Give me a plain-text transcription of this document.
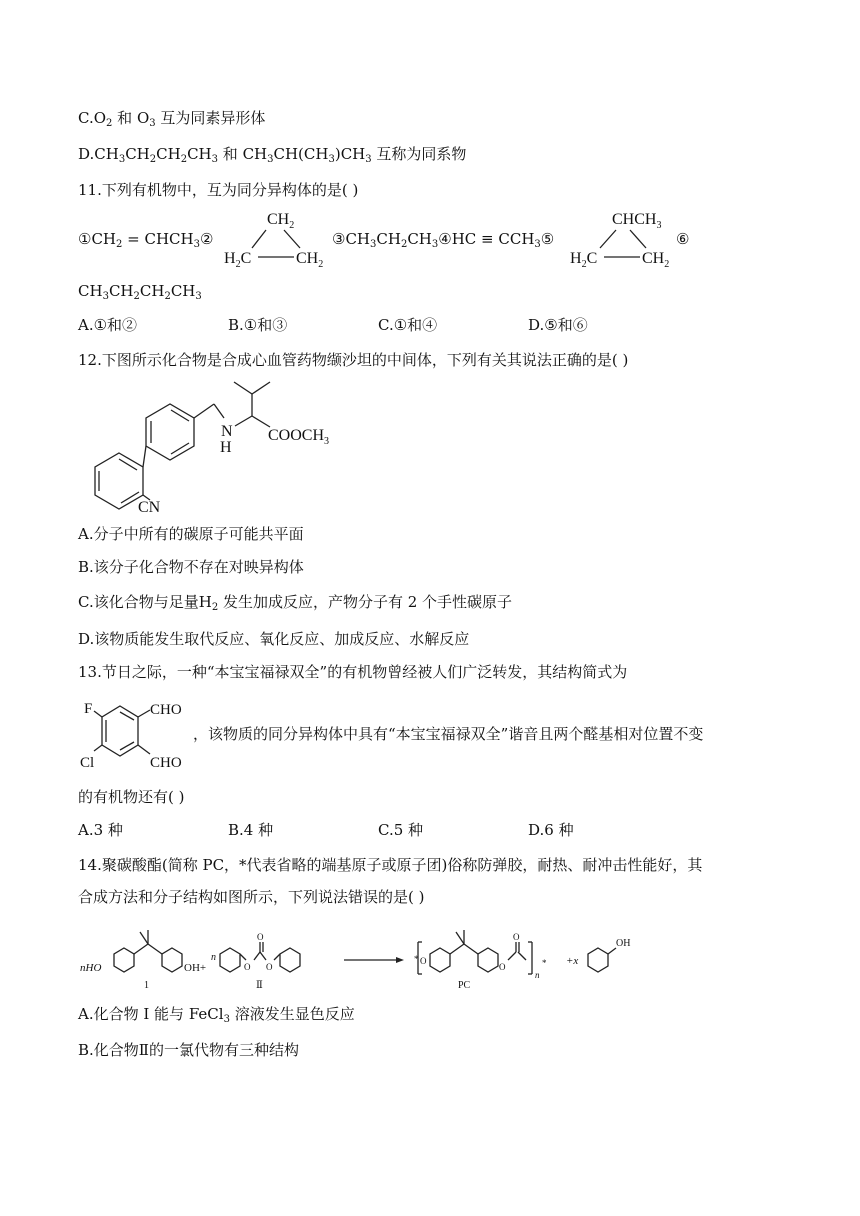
$C.O_2$ 和 $O_3$ 互为同素异形体
$D.CH_3CH_2CH_2CH_3$ 和 $CH_3CH(CH_3)CH_3$ 互称为同系物
11.下列有机物中，互为同分异构体的是( )
$①CH_2$ = $CHCH_3②$
$CH_2$
$H_2C$	$CH_2$
$③CH_3CH_2CH_3④HC$ ≡ $CCH_3⑤$
$CHCH_3$
$H_2C$	$CH_2$
⑥
$CH_3CH_2CH_2CH_3$
A.①和②	B.①和③	C.①和④	D.⑤和⑥
12.下图所示化合物是合成心血管药物缬沙坦的中间体，下列有关其说法正确的是( )
N
H
$COOCH_3$
CN
A.分子中所有的碳原子可能共平面
B.该分子化合物不存在对映异构体
C.该化合物与足量$H_2$ 发生加成反应，产物分子有 2 个手性碳原子
D.该物质能发生取代反应、氧化反应、加成反应、水解反应
13.节日之际，一种“本宝宝福禄双全”的有机物曾经被人们广泛转发，其结构简式为
F
Cl
CHO
CHO
，该物质的同分异构体中具有“本宝宝福禄双全”谐音且两个醛基相对位置不变
的有机物还有( )
A.3 种	B.4 种	C.5 种	D.6 种
14.聚碳酸酯(简称 PC，*代表省略的端基原子或原子团)俗称防弹胶，耐热、耐冲击性能好，其
合成方法和分子结构如图所示，下列说法错误的是( )
nHO	OH+
1
n
O
O
O
Ⅱ
* O
O
O
n
*
PC
+x
OH
A.化合物 I 能与 FeCl$_3$ 溶液发生显色反应
B.化合物Ⅱ的一氯代物有三种结构
